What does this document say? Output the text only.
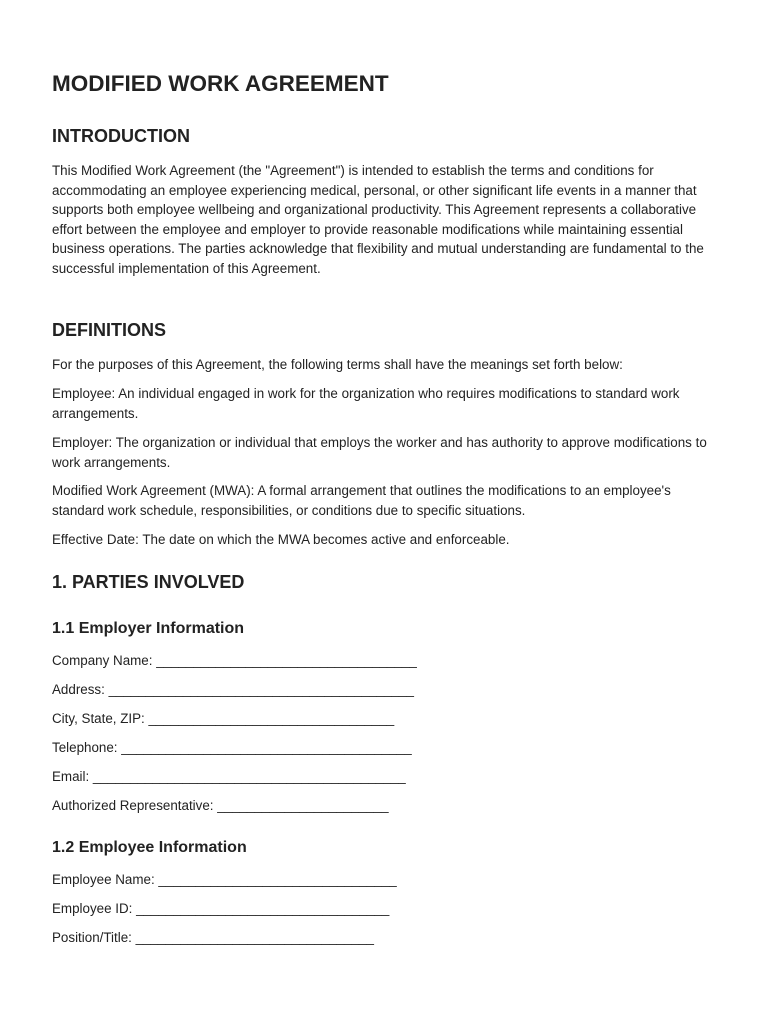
MODIFIED WORK AGREEMENT
INTRODUCTION

This Modified Work Agreement (the "Agreement") is intended to establish the terms and conditions for accommodating an employee experiencing medical, personal, or other significant life events in a manner that supports both employee wellbeing and organizational productivity. This Agreement represents a collaborative effort between the employee and employer to provide reasonable modifications while maintaining essential business operations. The parties acknowledge that flexibility and mutual understanding are fundamental to the successful implementation of this Agreement.

DEFINITIONS

For the purposes of this Agreement, the following terms shall have the meanings set forth below:

Employee: An individual engaged in work for the organization who requires modifications to standard work arrangements.

Employer: The organization or individual that employs the worker and has authority to approve modifications to work arrangements.

Modified Work Agreement (MWA): A formal arrangement that outlines the modifications to an employee's standard work schedule, responsibilities, or conditions due to specific situations.

Effective Date: The date on which the MWA becomes active and enforceable.

1. PARTIES INVOLVED
1.1 Employer Information
Company Name: ___________________________________
Address: _________________________________________
City, State, ZIP: _________________________________
Telephone: _______________________________________
Email: __________________________________________
Authorized Representative: _______________________
1.2 Employee Information
Employee Name: ________________________________
Employee ID: __________________________________
Position/Title: ________________________________
